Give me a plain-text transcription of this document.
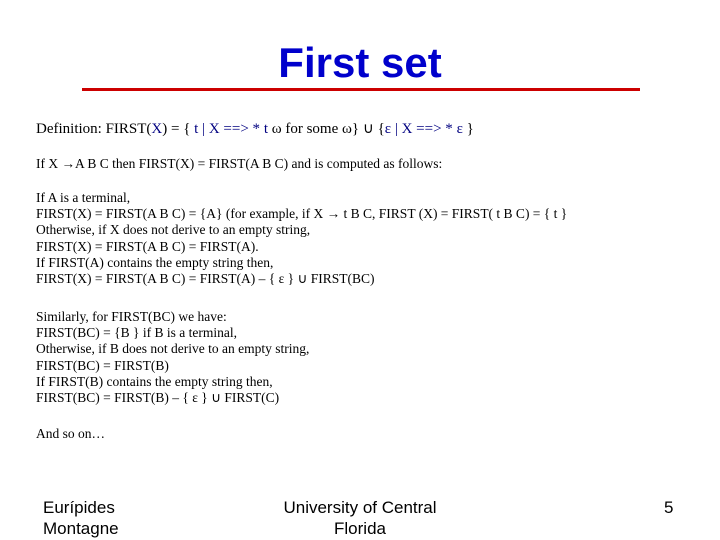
First set
Definition: FIRST(X) = { t | X ==> * t ω for some ω} ∪ {ε | X ==> * ε }
If X →A B C then FIRST(X) = FIRST(A B C) and is computed as follows:
If A is a terminal,
FIRST(X) = FIRST(A B C) = {A} (for example, if X → t B C, FIRST (X) = FIRST( t B C) = { t }
Otherwise, if X does not derive to an empty string,
FIRST(X) = FIRST(A B C) = FIRST(A).
If FIRST(A) contains the empty string then,
FIRST(X) = FIRST(A B C) = FIRST(A) – { ε } ∪ FIRST(BC)
Similarly, for FIRST(BC) we have:
FIRST(BC) = {B } if B is a terminal,
Otherwise, if B does not derive to an empty string,
FIRST(BC) = FIRST(B)
If FIRST(B) contains the empty string then,
FIRST(BC) = FIRST(B) – { ε } ∪ FIRST(C)
And so on…
Eurípides
Montagne
University of Central
Florida
5
